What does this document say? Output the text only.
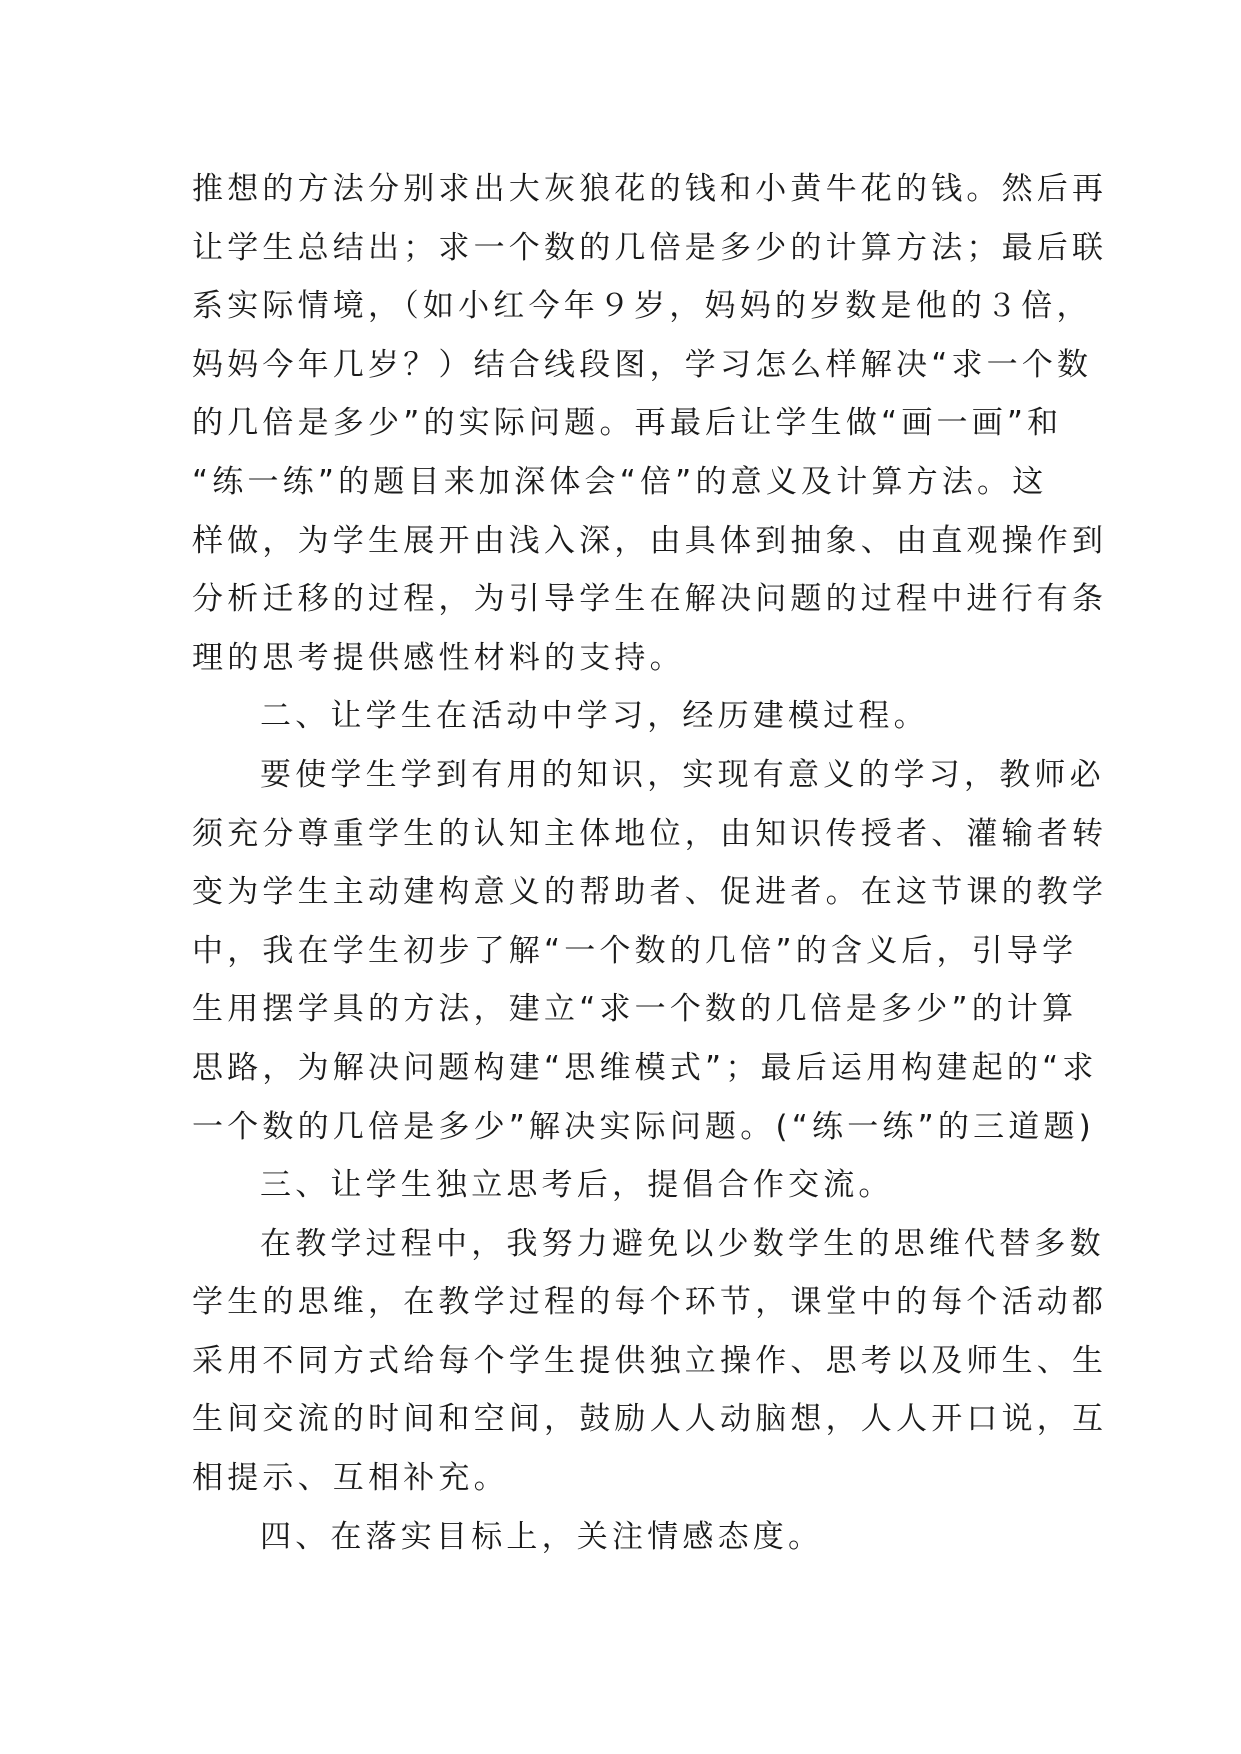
推想的方法分别求出大灰狼花的钱和小黄牛花的钱。然后再
让学生总结出；求一个数的几倍是多少的计算方法；最后联
系实际情境，（如小红今年９岁，妈妈的岁数是他的３倍，
妈妈今年几岁？）结合线段图，学习怎么样解决“求一个数
的几倍是多少”的实际问题。再最后让学生做“画一画”和
“练一练”的题目来加深体会“倍”的意义及计算方法。这
样做，为学生展开由浅入深，由具体到抽象、由直观操作到
分析迁移的过程，为引导学生在解决问题的过程中进行有条
理的思考提供感性材料的支持。
二、让学生在活动中学习，经历建模过程。
要使学生学到有用的知识，实现有意义的学习，教师必
须充分尊重学生的认知主体地位，由知识传授者、灌输者转
变为学生主动建构意义的帮助者、促进者。在这节课的教学
中，我在学生初步了解“一个数的几倍”的含义后，引导学
生用摆学具的方法，建立“求一个数的几倍是多少”的计算
思路，为解决问题构建“思维模式”；最后运用构建起的“求
一个数的几倍是多少”解决实际问题。(“练一练”的三道题)
三、让学生独立思考后，提倡合作交流。
在教学过程中，我努力避免以少数学生的思维代替多数
学生的思维，在教学过程的每个环节，课堂中的每个活动都
采用不同方式给每个学生提供独立操作、思考以及师生、生
生间交流的时间和空间，鼓励人人动脑想，人人开口说，互
相提示、互相补充。
四、在落实目标上，关注情感态度。
